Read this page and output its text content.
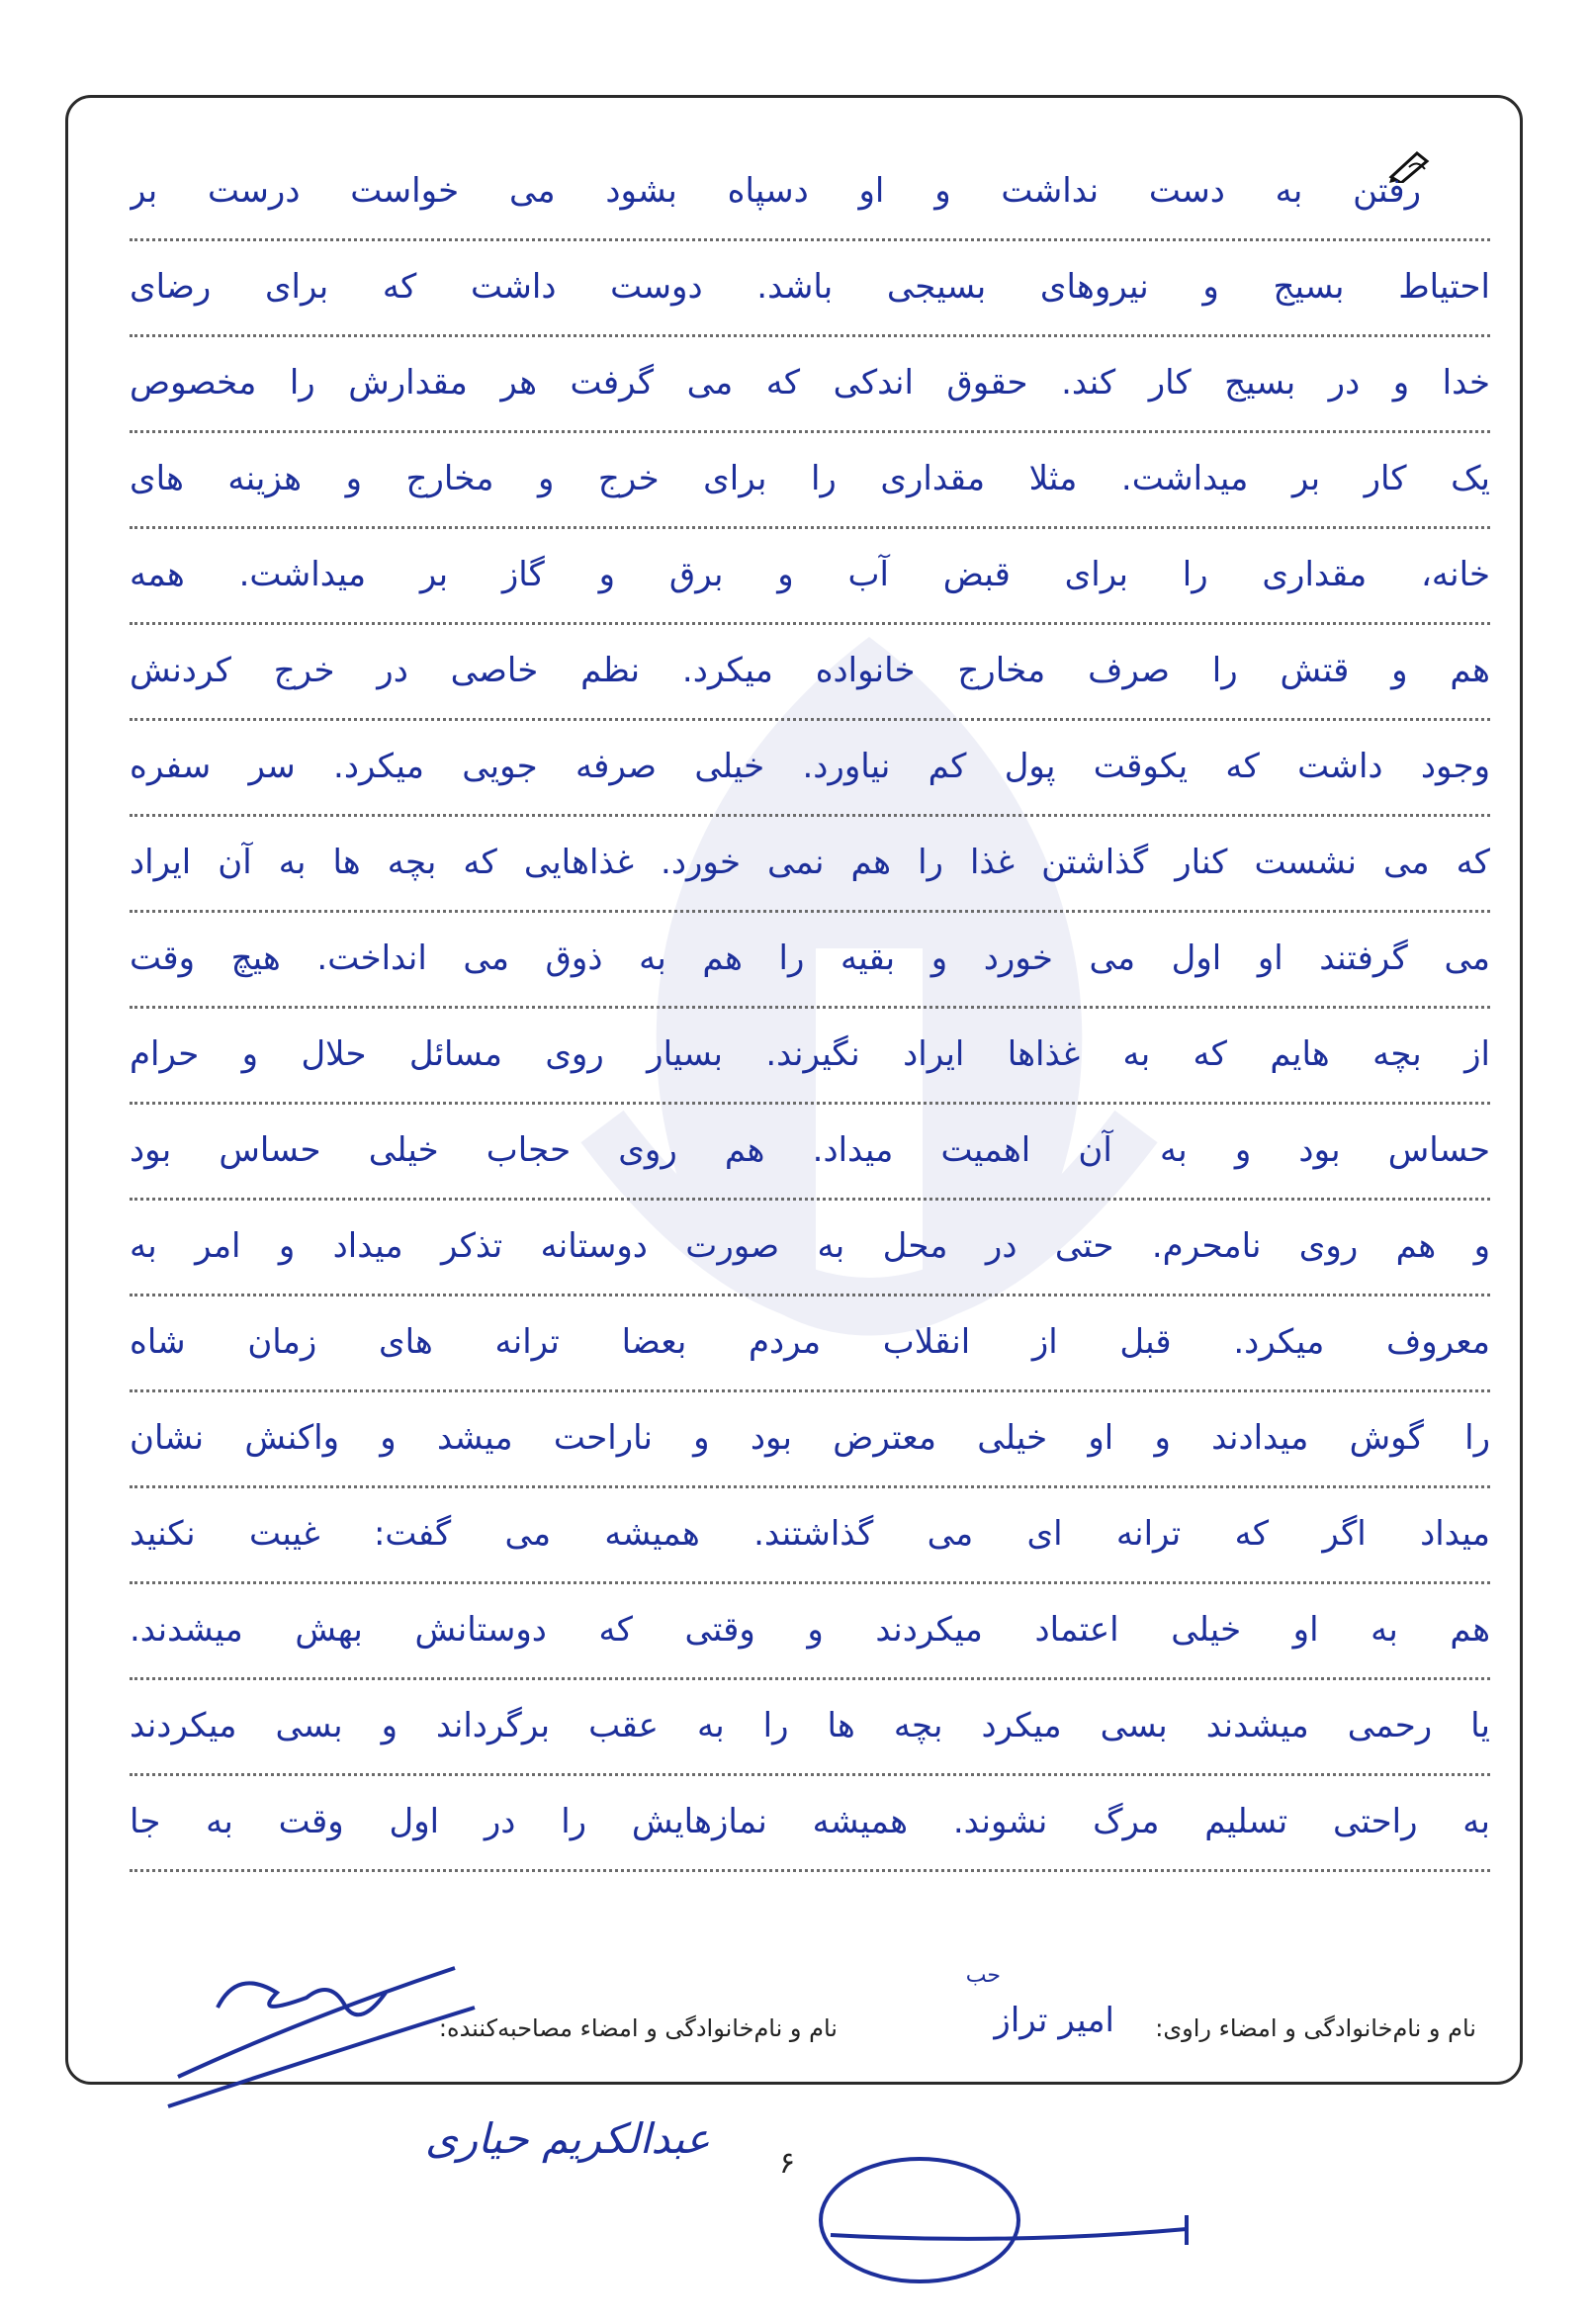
رفتن به دست نداشت و او دسپاه بشود می خواست درست بر
احتیاط بسیج و نیروهای بسیجی باشد. دوست داشت که برای رضای
خدا و در بسیج کار کند. حقوق اندکی که می گرفت هر مقدارش را مخصوص
یک کار بر میداشت. مثلا مقداری را برای خرج و مخارج و هزینه های
خانه، مقداری را برای قبض آب و برق و گاز بر میداشت. همه
هم و قتش را صرف مخارج خانواده میکرد. نظم خاصی در خرج کردنش
وجود داشت که یکوقت پول کم نیاورد. خیلی صرفه جویی میکرد. سر سفره
که می نشست کنار گذاشتن غذا را هم نمی خورد. غذاهایی که بچه ها به آن ایراد
می گرفتند او اول می خورد و بقیه را هم به ذوق می انداخت. هیچ وقت
از بچه هایم که به غذاها ایراد نگیرند. بسیار روی مسائل حلال و حرام
حساس بود و به آن اهمیت میداد. هم روی حجاب خیلی حساس بود
و هم روی نامحرم. حتی در محل به صورت دوستانه تذکر میداد و امر به
معروف میکرد. قبل از انقلاب مردم بعضا ترانه های زمان شاه
را گوش میدادند و او خیلی معترض بود و ناراحت میشد و واکنش نشان
میداد اگر که ترانه ای می گذاشتند. همیشه می گفت: غیبت نکنید
هم به او خیلی اعتماد میکردند و وقتی که دوستانش بهش میشدند.
یا رحمی میشدند بسی میکرد بچه ها را به عقب برگرداند و بسی میکردند
به راحتی تسلیم مرگ نشوند. همیشه نمازهایش را در اول وقت به جا
نام و نام‌خانوادگی و امضاء راوی:
نام و نام‌خانوادگی و امضاء مصاحبه‌کننده:
حب
امیر تراز
عبدالکریم حیاری
۶
